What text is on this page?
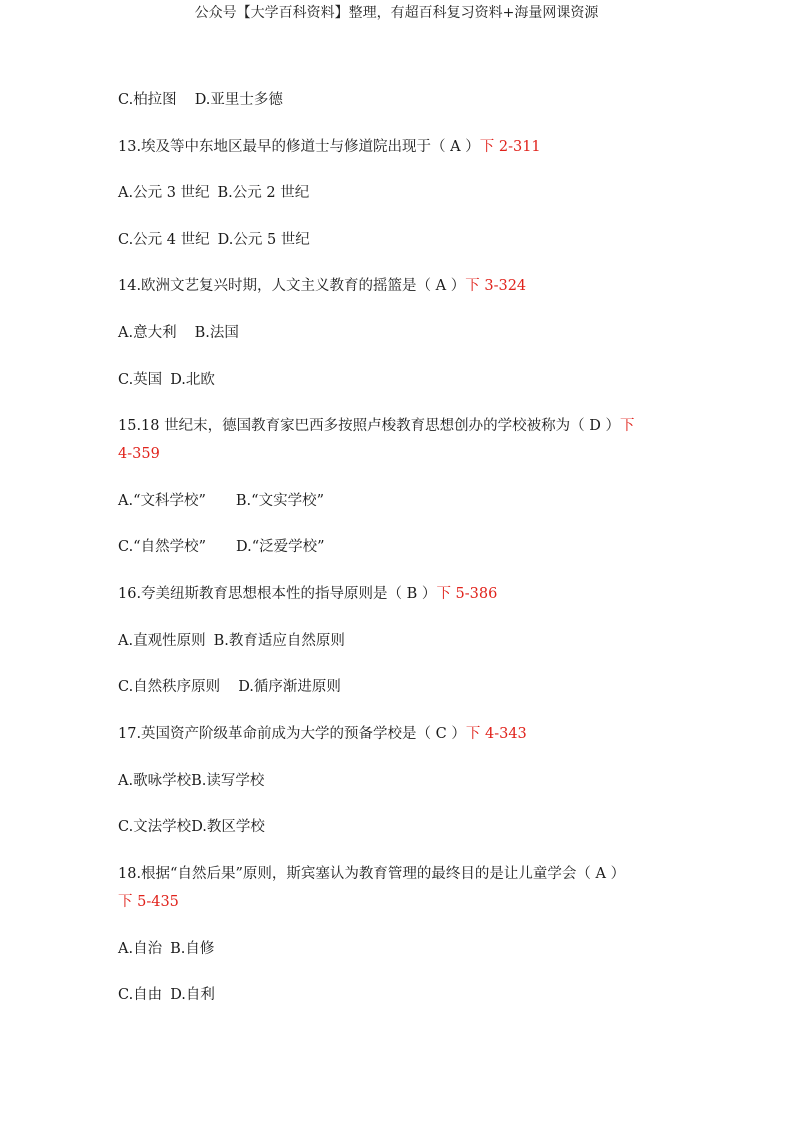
公众号【大学百科资料】整理，有超百科复习资料+海量网课资源
C.柏拉图 D.亚里士多德
13.埃及等中东地区最早的修道士与修道院出现于（ A ）下 2-311
A.公元 3 世纪 B.公元 2 世纪
C.公元 4 世纪 D.公元 5 世纪
14.欧洲文艺复兴时期，人文主义教育的摇篮是（ A ）下 3-324
A.意大利 B.法国
C.英国 D.北欧
15.18 世纪末，德国教育家巴西多按照卢梭教育思想创办的学校被称为（ D ）下
4-359
A.“文科学校” B.“文实学校”
C.“自然学校” D.“泛爱学校”
16.夸美纽斯教育思想根本性的指导原则是（ B ）下 5-386
A.直观性原则 B.教育适应自然原则
C.自然秩序原则 D.循序渐进原则
17.英国资产阶级革命前成为大学的预备学校是（ C ）下 4-343
A.歌咏学校B.读写学校
C.文法学校D.教区学校
18.根据“自然后果”原则，斯宾塞认为教育管理的最终目的是让儿童学会（ A ）
下 5-435
A.自治 B.自修
C.自由 D.自利
